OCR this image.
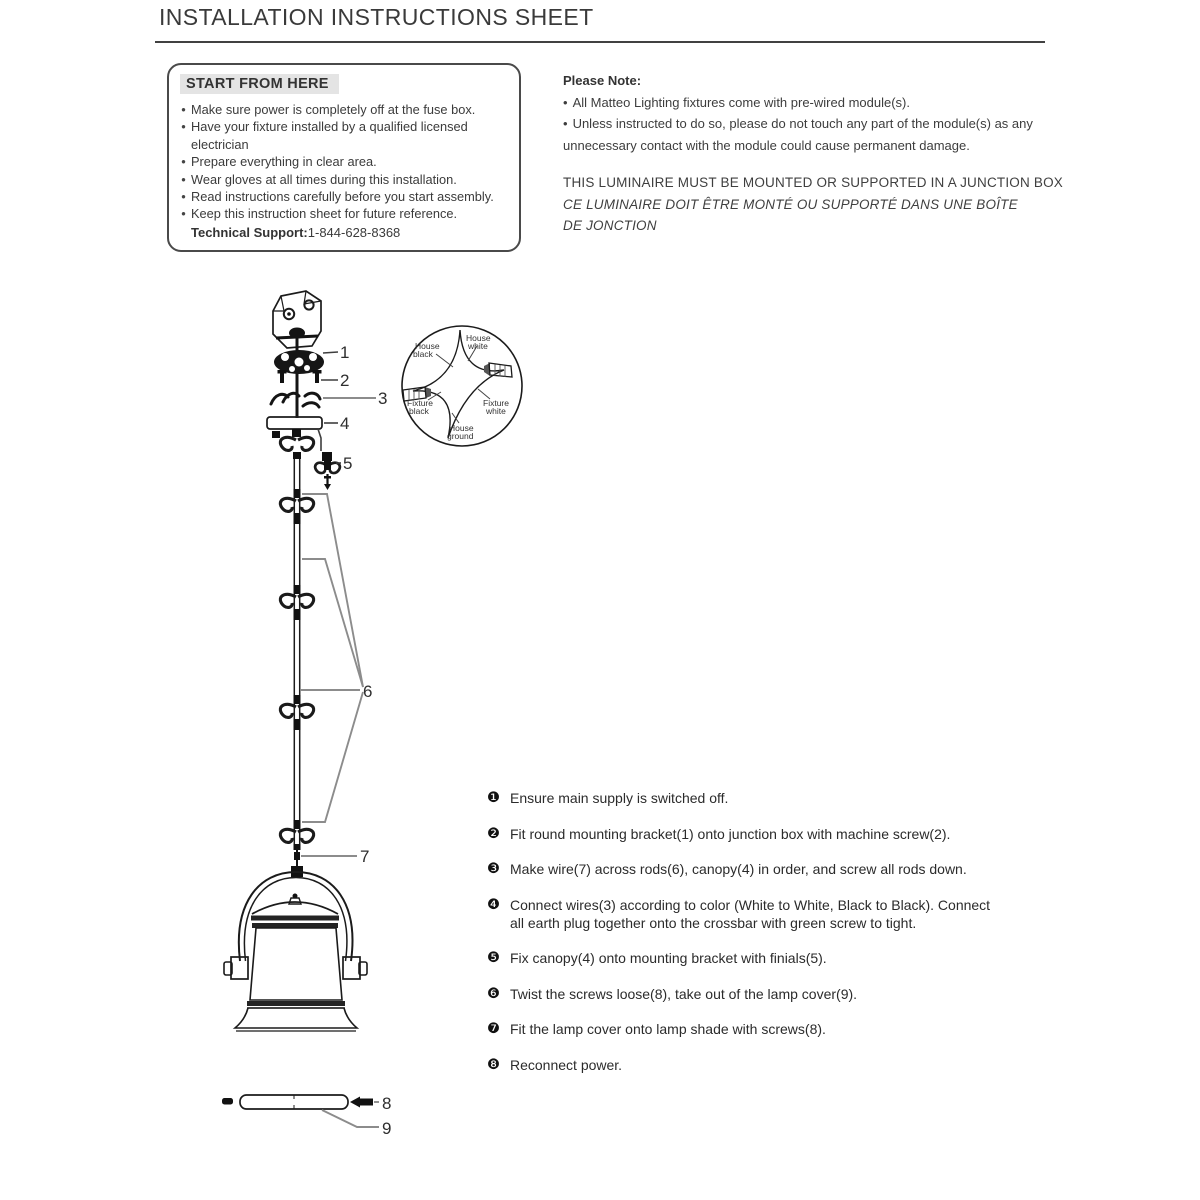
INSTALLATION INSTRUCTIONS SHEET
START FROM HERE
• Make sure power is completely off at the fuse box.
• Have your fixture installed by a qualified licensed electrician
• Prepare everything in clear area.
• Wear gloves at all times during this installation.
• Read instructions carefully before you start assembly.
• Keep this instruction sheet for future reference.
Technical Support:1-844-628-8368
Please Note:

• All Matteo Lighting fixtures come with pre-wired module(s).

• Unless instructed to do so, please do not touch any part of the module(s) as any unnecessary contact with the module could cause permanent damage.

THIS LUMINAIRE MUST BE MOUNTED OR SUPPORTED IN A JUNCTION BOX
CE LUMINAIRE DOIT ÊTRE MONTÉ OU SUPPORTÉ DANS UNE BOÎTE
DE JONCTION
House
black
House
white
Fixture
black
Fixture
white
House
ground
1
2
3
4
5
6
7
8
9
❶ Ensure main supply is switched off.
❷ Fit round mounting bracket(1) onto junction box with machine screw(2).
❸ Make wire(7) across rods(6), canopy(4) in order, and screw all rods down.
❹ Connect wires(3) according to color (White to White, Black to Black). Connect all earth plug together onto the crossbar with green screw to tight.
❺ Fix canopy(4) onto mounting bracket with finials(5).
❻ Twist the screws loose(8), take out of the lamp cover(9).
❼ Fit the lamp cover onto lamp shade with screws(8).
❽ Reconnect power.
